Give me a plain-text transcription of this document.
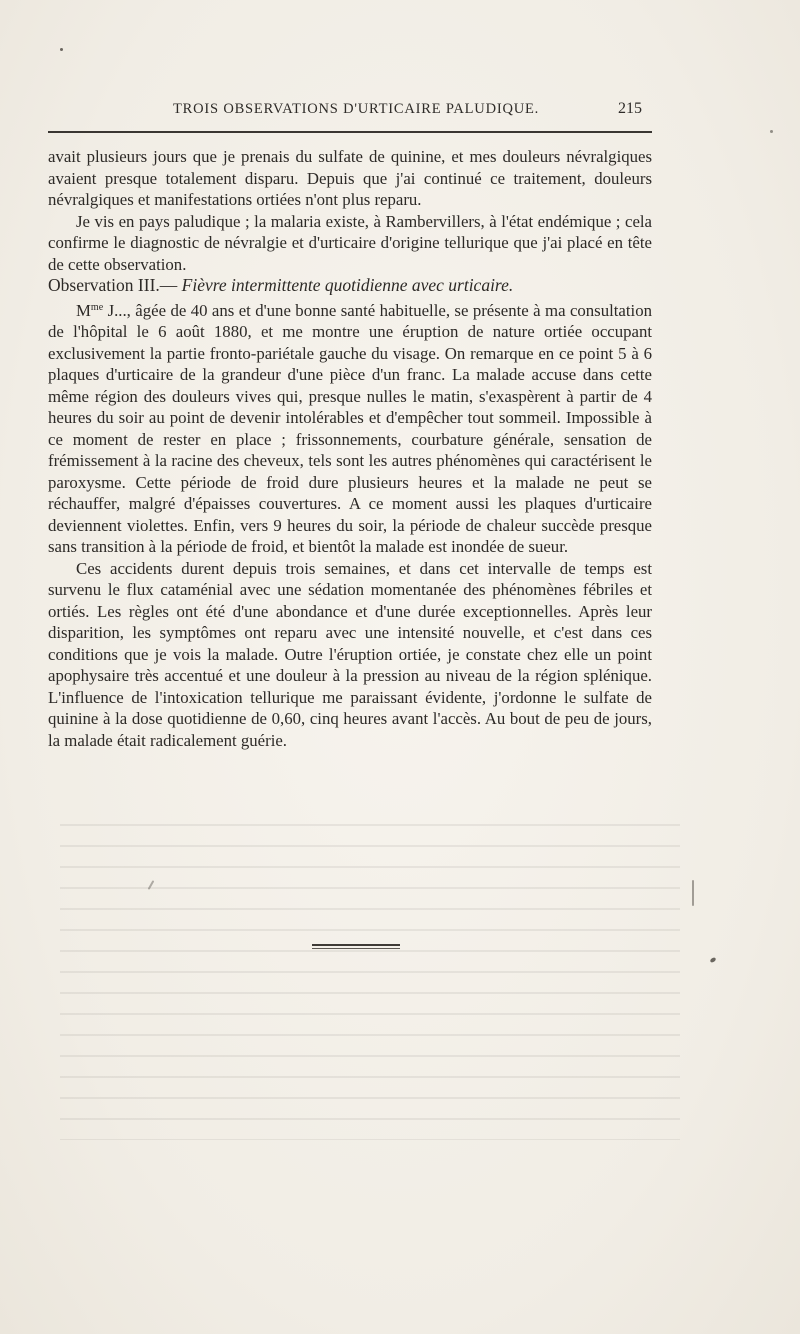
TROIS OBSERVATIONS D'URTICAIRE PALUDIQUE.	215

avait plusieurs jours que je prenais du sulfate de quinine, et mes douleurs névralgiques avaient presque totalement disparu. Depuis que j'ai continué ce traitement, douleurs névralgiques et manifestations ortiées n'ont plus reparu.

Je vis en pays paludique ; la malaria existe, à Rambervillers, à l'état endémique ; cela confirme le diagnostic de névralgie et d'urticaire d'origine tellurique que j'ai placé en tête de cette observation.

Observation III.— Fièvre intermittente quotidienne avec urticaire.

$M^{me}$ J..., âgée de 40 ans et d'une bonne santé habituelle, se présente à ma consultation de l'hôpital le 6 août 1880, et me montre une éruption de nature ortiée occupant exclusivement la partie fronto-pariétale gauche du visage. On remarque en ce point 5 à 6 plaques d'urticaire de la grandeur d'une pièce d'un franc. La malade accuse dans cette même région des douleurs vives qui, presque nulles le matin, s'exaspèrent à partir de 4 heures du soir au point de devenir intolérables et d'empêcher tout sommeil. Impossible à ce moment de rester en place ; frissonnements, courbature générale, sensation de frémissement à la racine des cheveux, tels sont les autres phénomènes qui caractérisent le paroxysme. Cette période de froid dure plusieurs heures et la malade ne peut se réchauffer, malgré d'épaisses couvertures. A ce moment aussi les plaques d'urticaire deviennent violettes. Enfin, vers 9 heures du soir, la période de chaleur succède presque sans transition à la période de froid, et bientôt la malade est inondée de sueur.

Ces accidents durent depuis trois semaines, et dans cet intervalle de temps est survenu le flux cataménial avec une sédation momentanée des phénomènes fébriles et ortiés. Les règles ont été d'une abondance et d'une durée exceptionnelles. Après leur disparition, les symptômes ont reparu avec une intensité nouvelle, et c'est dans ces conditions que je vois la malade. Outre l'éruption ortiée, je constate chez elle un point apophysaire très accentué et une douleur à la pression au niveau de la région splénique. L'influence de l'intoxication tellurique me paraissant évidente, j'ordonne le sulfate de quinine à la dose quotidienne de 0,60, cinq heures avant l'accès. Au bout de peu de jours, la malade était radicalement guérie.
